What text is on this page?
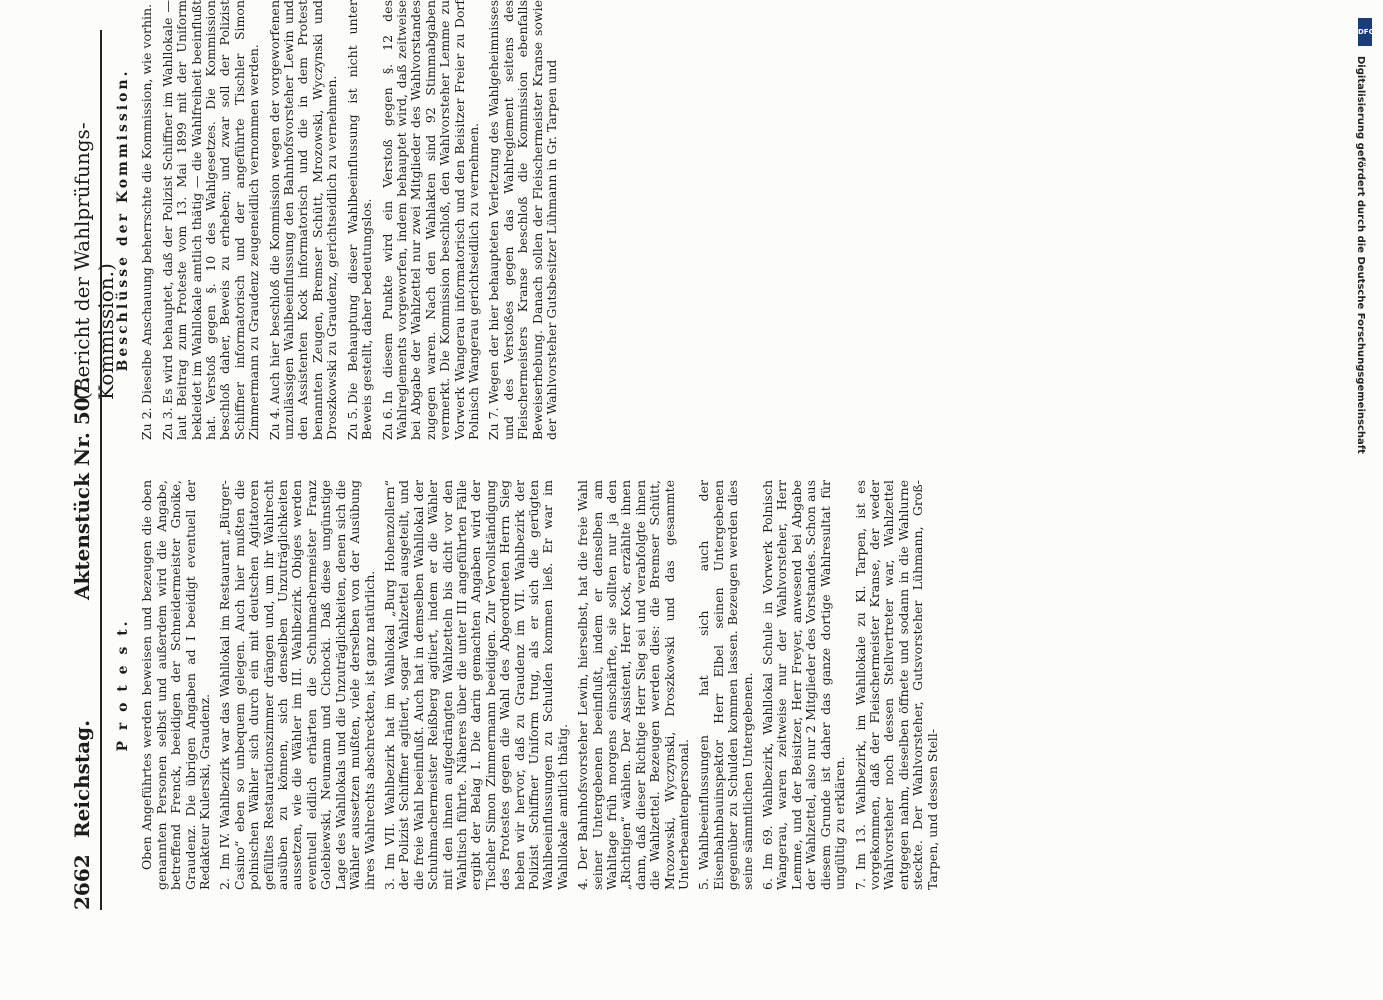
2662
Reichstag.
Aktenstück Nr. 507.
(Bericht der Wahlprüfungs-Kommission.)
P r o t e s t. Oben Angeführtes werden beweisen und bezeugen die oben genannten Personen selbst und außerdem wird die Angabe, betreffend Frenck, beeidigen der Schneidermeister Gnoike, Graudenz. Die übrigen Angaben ad I beeidigt eventuell der Redakteur Kulerski, Graudenz. 2.Im IV. Wahlbezirk war das Wahllokal im Restaurant „Bürger-Casino“ eben so unbequem gelegen. Auch hier mußten die polnischen Wähler sich durch ein mit deutschen Agitatoren gefülltes Restaurationszimmer drängen und, um ihr Wahlrecht ausüben zu können, sich denselben Unzuträglichkeiten aussetzen, wie die Wähler im III. Wahlbezirk. Obiges werden eventuell eidlich erhärten die Schuhmachermeister Franz Golebiewski, Neumann und Cichocki. Daß diese ungünstige Lage des Wahllokals und die Unzuträglichkeiten, denen sich die Wähler aussetzen mußten, viele derselben von der Ausübung ihres Wahlrechts abschreckten, ist ganz natürlich. 3.Im VII. Wahlbezirk hat im Wahllokal „Burg Hohenzollern“ der Polizist Schiffner agitiert, sogar Wahlzettel ausgeteilt, und die freie Wahl beeinflußt. Auch hat in demselben Wahllokal der Schuhmachermeister Reißberg agitiert, indem er die Wähler mit den ihnen aufgedrängten Wahlzetteln bis dicht vor den Wahltisch führte. Näheres über die unter III angeführten Fälle ergibt der Belag I. Die darin gemachten Angaben wird der Tischler Simon Zimmermann beeidigen. Zur Vervollständigung des Protestes gegen die Wahl des Abgeordneten Herrn Sieg heben wir hervor, daß zu Graudenz im VII. Wahlbezirk der Polizist Schiffner Uniform trug, als er sich die gerügten Wahlbeeinflussungen zu Schulden kommen ließ. Er war im Wahllokale amtlich thätig. 4.Der Bahnhofsvorsteher Lewin, hierselbst, hat die freie Wahl seiner Untergebenen beeinflußt, indem er denselben am Wahltage früh morgens einschärfte, sie sollten nur ja den „Richtigen“ wählen. Der Assistent, Herr Kock, erzählte ihnen dann, daß dieser Richtige Herr Sieg sei und verabfolgte ihnen die Wahlzettel. Bezeugen werden dies: die Bremser Schütt, Mrozowski, Wyczynski, Droszkowski und das gesammte Unterbeamtenpersonal. 5.Wahlbeeinflussungen hat sich auch der Eisenbahnbauinspektor Herr Elbel seinen Untergebenen gegenüber zu Schulden kommen lassen. Bezeugen werden dies seine sämmtlichen Untergebenen. 6.Im 69. Wahlbezirk, Wahllokal Schule in Vorwerk Polnisch Wangerau, waren zeitweise nur der Wahlvorsteher, Herr Lemme, und der Beisitzer, Herr Freyer, anwesend bei Abgabe der Wahlzettel, also nur 2 Mitglieder des Vorstandes. Schon aus diesem Grunde ist daher das ganze dortige Wahlresultat für ungültig zu erklären. 7.Im 13. Wahlbezirk, im Wahllokale zu Kl. Tarpen, ist es vorgekommen, daß der Fleischermeister Kranse, der weder Wahlvorsteher noch dessen Stellvertreter war, Wahlzettel entgegen nahm, dieselben öffnete und sodann in die Wahlurne steckte. Der Wahlvorsteher, Gutsvorsteher Lühmann, Groß-Tarpen, und dessen Stell-
Beschlüsse der Kommission.
Zu 2.Dieselbe Anschauung beherrschte die Kommission, wie vorhin.
Zu 3.Es wird behauptet, daß der Polizist Schiffner im Wahllokale — laut Beitrag zum Proteste vom 13. Mai 1899 mit der Uniform bekleidet im Wahllokale amtlich thätig — die Wahlfreiheit beeinflußt hat. Verstoß gegen §. 10 des Wahlgesetzes. Die Kommission beschloß daher, Beweis zu erheben; und zwar soll der Polizist Schiffner informatorisch und der angeführte Tischler Simon Zimmermann zu Graudenz zeugeneidlich vernommen werden. Zu 4.Auch hier beschloß die Kommission wegen der vorgeworfenen unzulässigen Wahlbeeinflussung den Bahnhofsvorsteher Lewin und den Assistenten Kock informatorisch und die in dem Protest benannten Zeugen, Bremser Schütt, Mrozowski, Wyczynski und Droszkowski zu Graudenz, gerichtseidlich zu vernehmen. Zu 5.Die Behauptung dieser Wahlbeeinflussung ist nicht unter Beweis gestellt, daher bedeutungslos. Zu 6.In diesem Punkte wird ein Verstoß gegen §. 12 des Wahlreglements vorgeworfen, indem behauptet wird, daß zeitweise bei Abgabe der Wahlzettel nur zwei Mitglieder des Wahlvorstandes zugegen waren. Nach den Wahlakten sind 92 Stimmabgaben vermerkt. Die Kommission beschloß, den Wahlvorsteher Lemme zu Vorwerk Wangerau informatorisch und den Beisitzer Freier zu Dorf Polnisch Wangerau gerichtseidlich zu vernehmen. Zu 7.Wegen der hier behaupteten Verletzung des Wahlgeheimnisses und des Verstoßes gegen das Wahlreglement seitens des Fleischermeisters Kranse beschloß die Kommission ebenfalls Beweiserhebung. Danach sollen der Fleischermeister Kranse sowie der Wahlvorsteher Gutsbesitzer Lühmann in Gr. Tarpen und
DFG
Digitalisierung gefördert durch die Deutsche Forschungsgemeinschaft
